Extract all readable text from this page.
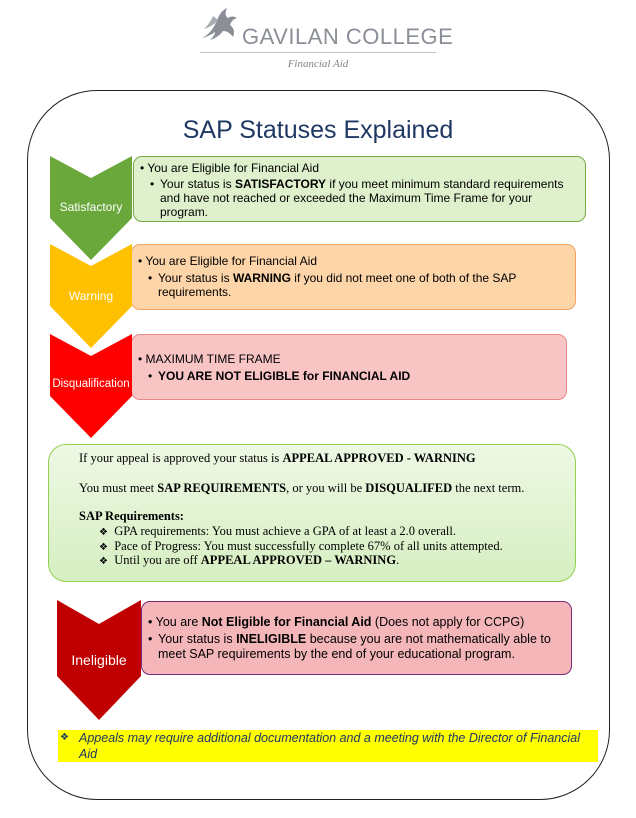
GAVILAN COLLEGE
Financial Aid
SAP Statuses Explained
• You are Eligible for Financial Aid
• Your status is SATISFACTORY if you meet minimum standard requirements and have not reached or exceeded the Maximum Time Frame for your program.
Satisfactory
• You are Eligible for Financial Aid
• Your status is WARNING if you did not meet one of both of the SAP requirements.
Warning
• MAXIMUM TIME FRAME
• YOU ARE NOT ELIGIBLE for FINANCIAL AID
Disqualification
If your appeal is approved your status is APPEAL APPROVED - WARNING
You must meet SAP REQUIREMENTS, or you will be DISQUALIFED the next term.
SAP Requirements:
❖ GPA requirements: You must achieve a GPA of at least a 2.0 overall.
❖ Pace of Progress: You must successfully complete 67% of all units attempted.
❖ Until you are off APPEAL APPROVED – WARNING.
• You are Not Eligible for Financial Aid (Does not apply for CCPG)
• Your status is INELIGIBLE because you are not mathematically able to meet SAP requirements by the end of your educational program.
Ineligible
❖ Appeals may require additional documentation and a meeting with the Director of Financial Aid
